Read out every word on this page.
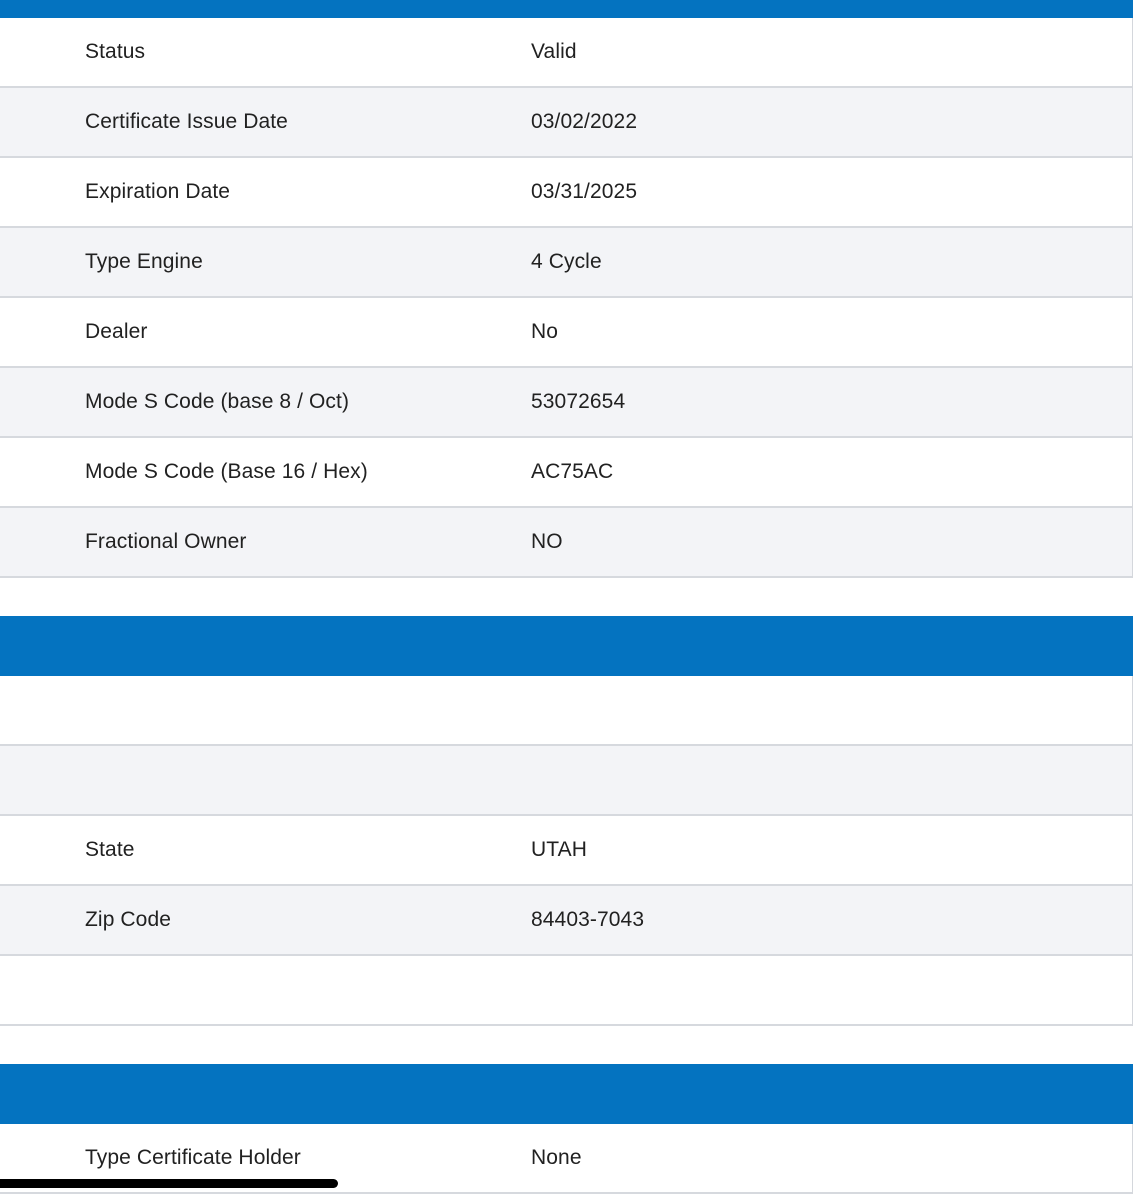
Status	Valid
Certificate Issue Date	03/02/2022
Expiration Date	03/31/2025
Type Engine	4 Cycle
Dealer	No
Mode S Code (base 8 / Oct)	53072654
Mode S Code (Base 16 / Hex)	AC75AC
Fractional Owner	NO
State	UTAH
Zip Code	84403-7043
Type Certificate Holder	None
